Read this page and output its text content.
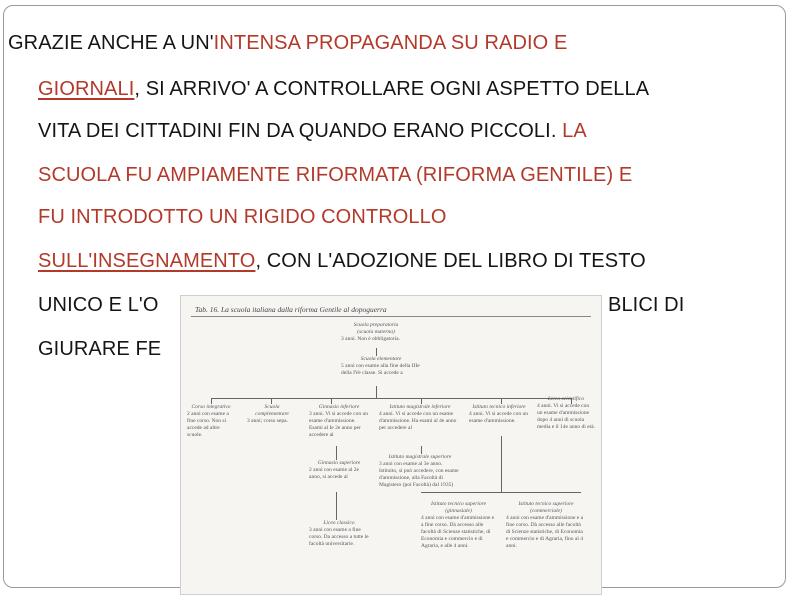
GRAZIE ANCHE A UN'INTENSA PROPAGANDA SU RADIO E
GIORNALI, SI ARRIVO' A CONTROLLARE OGNI ASPETTO DELLA
VITA DEI CITTADINI FIN DA QUANDO ERANO PICCOLI. LA
SCUOLA FU AMPIAMENTE RIFORMATA (RIFORMA GENTILE) E
FU INTRODOTTO UN RIGIDO CONTROLLO
SULL'INSEGNAMENTO, CON L'ADOZIONE DEL LIBRO DI TESTO
UNICO E L'O	BLICI DI
GIURARE FE
Tab. 16. La scuola italiana dalla riforma Gentile al dopoguerra
Scuola preparatoria
(scuola materna)
3 anni. Non è obbligatoria.
Scuola elementare
5 anni con esame alla fine della IIIe della IVe classe. Si accede a
Corso integrativo
2 anni con esame a fine corso. Non si accede ad altre scuole.
Scuola complementare
3 anni; corso sepa.
Ginnasio inferiore
3 anni. Vi si accede con un esame d'ammissione. Esami al Ie 2e anno per accedere al
Istituto magistrale inferiore
4 anni. Vi si accede con un esame d'ammissione. Ha esami al 4e anno per accedere al
Istituto tecnico inferiore
4 anni. Vi si accede con un esame d'ammissione.
Liceo scientifico
4 anni. Vi si accede con un esame d'ammissione dopo 4 anni di scuola media e il 14e anno di età.
Ginnasio superiore
2 anni con esame al 2e anno, si accede al
Istituto magistrale superiore
3 anni con esame al 3e anno. Istituito, si può accedere, con esame d'ammissione, alla Facoltà di Magistero (poi Facoltà) dal 1935)
Liceo classico
3 anni con esame a fine corso. Da accesso a tutte le facoltà universitarie.
Istituto tecnico superiore
(ginnasiale)
4 anni con esame d'ammissione e a fine corso. Dà accesso alle facoltà di Scienze statistiche, di Economia e commercio e di Agraria, e alle 4 anni.
Istituto tecnico superiore
(commerciale)
4 anni con esame d'ammissione e a fine corso. Dà accesso alle facoltà di Scienze statistiche, di Economia e commercio e di Agraria, fino al 4 anni.
